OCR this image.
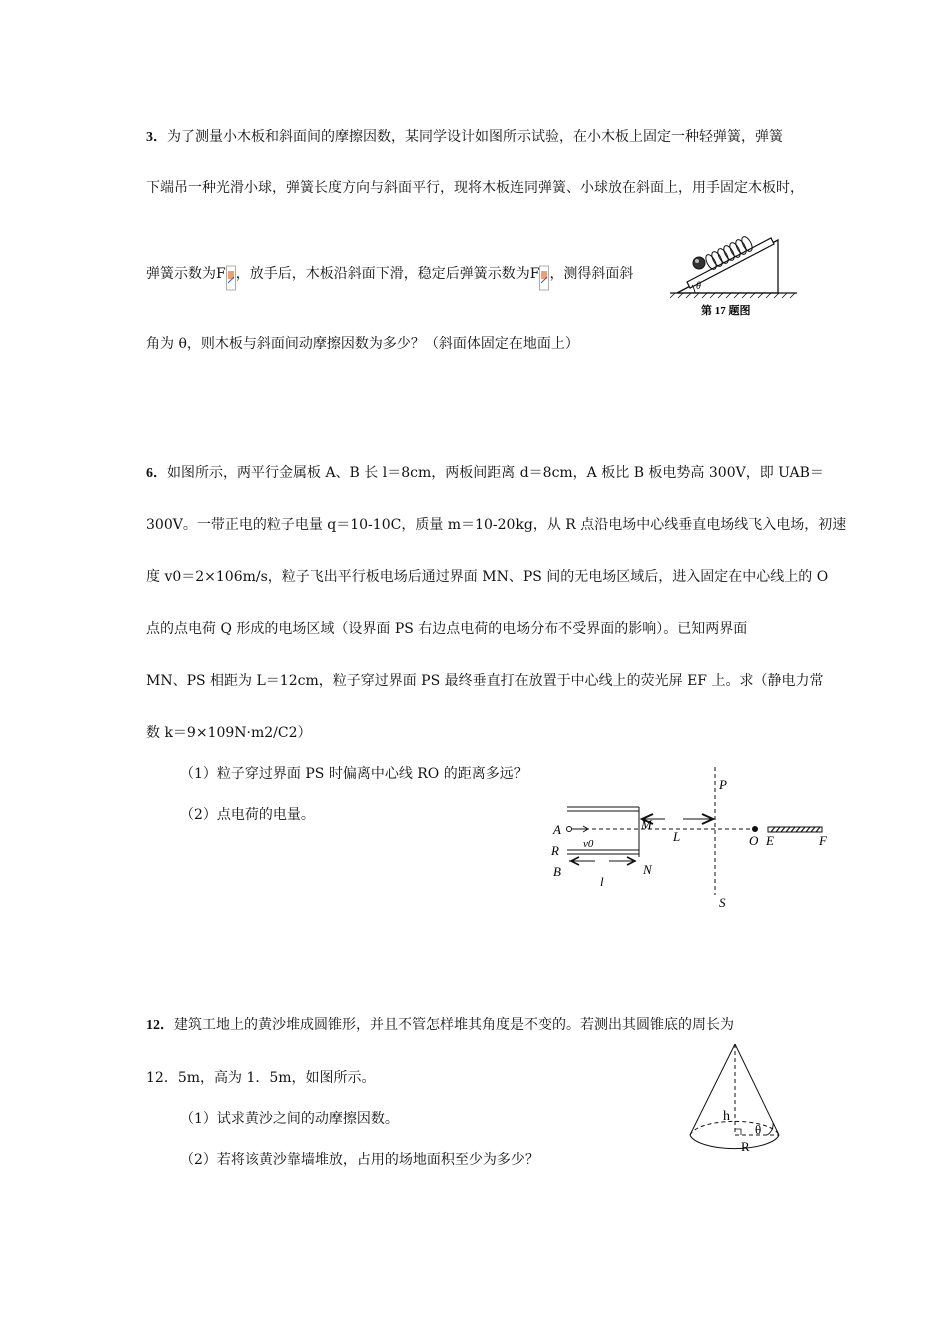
3．为了测量小木板和斜面间的摩擦因数，某同学设计如图所示试验，在小木板上固定一种轻弹簧，弹簧
下端吊一种光滑小球，弹簧长度方向与斜面平行，现将木板连同弹簧、小球放在斜面上，用手固定木板时，
弹簧示数为F ，放手后，木板沿斜面下滑，稳定后弹簧示数为F ，测得斜面斜
角为 θ，则木板与斜面间动摩擦因数为多少？（斜面体固定在地面上）
θ
第 17 题图
6．如图所示，两平行金属板 A、B 长 l＝8cm，两板间距离 d＝8cm，A 板比 B 板电势高 300V，即 UAB＝
300V。一带正电的粒子电量 q＝10-10C，质量 m＝10-20kg，从 R 点沿电场中心线垂直电场线飞入电场，初速
度 v0＝2×106m/s，粒子飞出平行板电场后通过界面 MN、PS 间的无电场区域后，进入固定在中心线上的 O
点的点电荷 Q 形成的电场区域（设界面 PS 右边点电荷的电场分布不受界面的影响）。已知两界面
MN、PS 相距为 L＝12cm，粒子穿过界面 PS 最终垂直打在放置于中心线上的荧光屏 EF 上。求（静电力常
数 k＝9×109N·m2/C2）
（1）粒子穿过界面 PS 时偏离中心线 RO 的距离多远？
（2）点电荷的电量。
P
M
A	L	O E	F
v0
R
B	N
l
S
12．建筑工地上的黄沙堆成圆锥形，并且不管怎样堆其角度是不变的。若测出其圆锥底的周长为
12．5m，高为 1．5m，如图所示。
（1）试求黄沙之间的动摩擦因数。
（2）若将该黄沙靠墙堆放，占用的场地面积至少为多少？
h
θ
R
